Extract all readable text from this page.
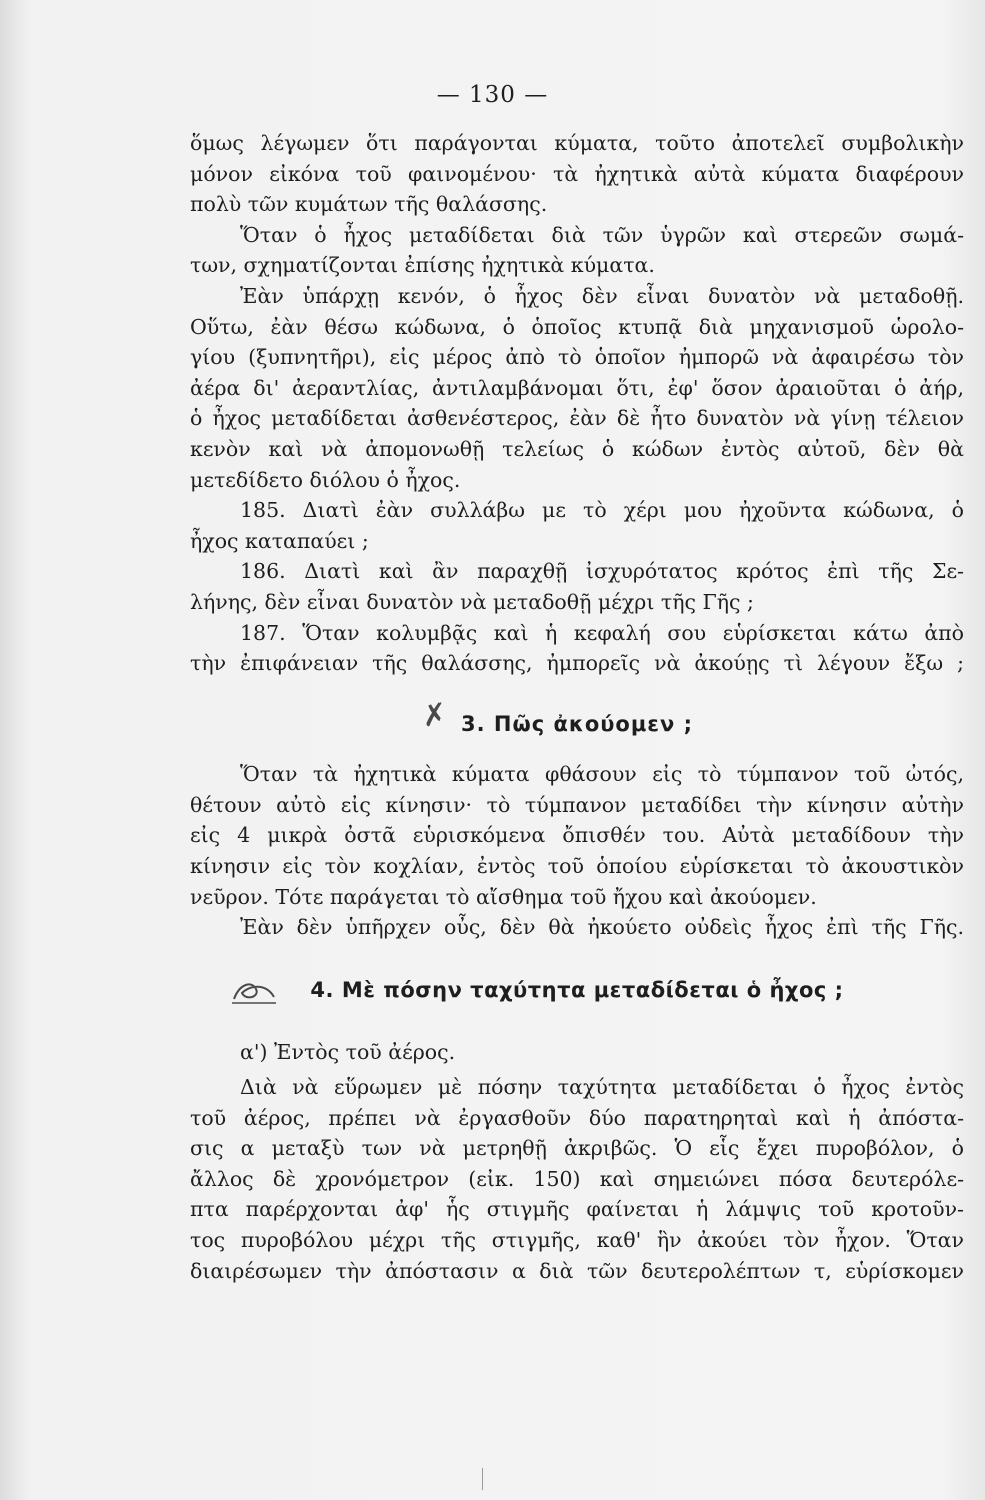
— 130 —

ὅμως λέγωμεν ὅτι παράγονται κύματα, τοῦτο ἀποτελεῖ συμβολικὴν

μόνον εἰκόνα τοῦ φαινομένου· τὰ ἠχητικὰ αὐτὰ κύματα διαφέρουν

πολὺ τῶν κυμάτων τῆς θαλάσσης.

Ὅταν ὁ ἦχος μεταδίδεται διὰ τῶν ὑγρῶν καὶ στερεῶν σωμά-

των, σχηματίζονται ἐπίσης ἠχητικὰ κύματα.

Ἐὰν ὑπάρχῃ κενόν, ὁ ἦχος δὲν εἶναι δυνατὸν νὰ μεταδοθῇ.

Οὕτω, ἐὰν θέσω κώδωνα, ὁ ὁποῖος κτυπᾷ διὰ μηχανισμοῦ ὡρολο-

γίου (ξυπνητῆρι), εἰς μέρος ἀπὸ τὸ ὁποῖον ἠμπορῶ νὰ ἀφαιρέσω τὸν

ἀέρα δι' ἀεραντλίας, ἀντιλαμβάνομαι ὅτι, ἐφ' ὅσον ἀραιοῦται ὁ ἀήρ,

ὁ ἦχος μεταδίδεται ἀσθενέστερος, ἐὰν δὲ ἦτο δυνατὸν νὰ γίνῃ τέλειον

κενὸν καὶ νὰ ἀπομονωθῇ τελείως ὁ κώδων ἐντὸς αὐτοῦ, δὲν θὰ

μετεδίδετο διόλου ὁ ἦχος.

185. Διατὶ ἐὰν συλλάβω με τὸ χέρι μου ἠχοῦντα κώδωνα, ὁ

ἦχος καταπαύει ;

186. Διατὶ καὶ ἂν παραχθῇ ἰσχυρότατος κρότος ἐπὶ τῆς Σε-

λήνης, δὲν εἶναι δυνατὸν νὰ μεταδοθῇ μέχρι τῆς Γῆς ;

187. Ὅταν κολυμβᾷς καὶ ἡ κεφαλή σου εὑρίσκεται κάτω ἀπὸ

τὴν ἐπιφάνειαν τῆς θαλάσσης, ἠμπορεῖς νὰ ἀκούῃς τὶ λέγουν ἔξω ;

✗ 3. Πῶς ἀκούομεν ;

Ὅταν τὰ ἠχητικὰ κύματα φθάσουν εἰς τὸ τύμπανον τοῦ ὠτός,

θέτουν αὐτὸ εἰς κίνησιν· τὸ τύμπανον μεταδίδει τὴν κίνησιν αὐτὴν

εἰς 4 μικρὰ ὀστᾶ εὑρισκόμενα ὄπισθέν του. Αὐτὰ μεταδίδουν τὴν

κίνησιν εἰς τὸν κοχλίαν, ἐντὸς τοῦ ὁποίου εὑρίσκεται τὸ ἀκουστικὸν

νεῦρον. Τότε παράγεται τὸ αἴσθημα τοῦ ἤχου καὶ ἀκούομεν.

Ἐὰν δὲν ὑπῆρχεν οὖς, δὲν θὰ ἠκούετο οὐδεὶς ἦχος ἐπὶ τῆς Γῆς.

4. Μὲ πόσην ταχύτητα μεταδίδεται ὁ ἦχος ;

α') Ἐντὸς τοῦ ἀέρος.

Διὰ νὰ εὕρωμεν μὲ πόσην ταχύτητα μεταδίδεται ὁ ἦχος ἐντὸς

τοῦ ἀέρος, πρέπει νὰ ἐργασθοῦν δύο παρατηρηταὶ καὶ ἡ ἀπόστα-

σις α μεταξὺ των νὰ μετρηθῇ ἀκριβῶς. Ὁ εἷς ἔχει πυροβόλον, ὁ

ἄλλος δὲ χρονόμετρον (εἰκ. 150) καὶ σημειώνει πόσα δευτερόλε-

πτα παρέρχονται ἀφ' ἧς στιγμῆς φαίνεται ἡ λάμψις τοῦ κροτοῦν-

τος πυροβόλου μέχρι τῆς στιγμῆς, καθ' ἣν ἀκούει τὸν ἦχον. Ὅταν

διαιρέσωμεν τὴν ἀπόστασιν α διὰ τῶν δευτερολέπτων τ, εὑρίσκομεν
